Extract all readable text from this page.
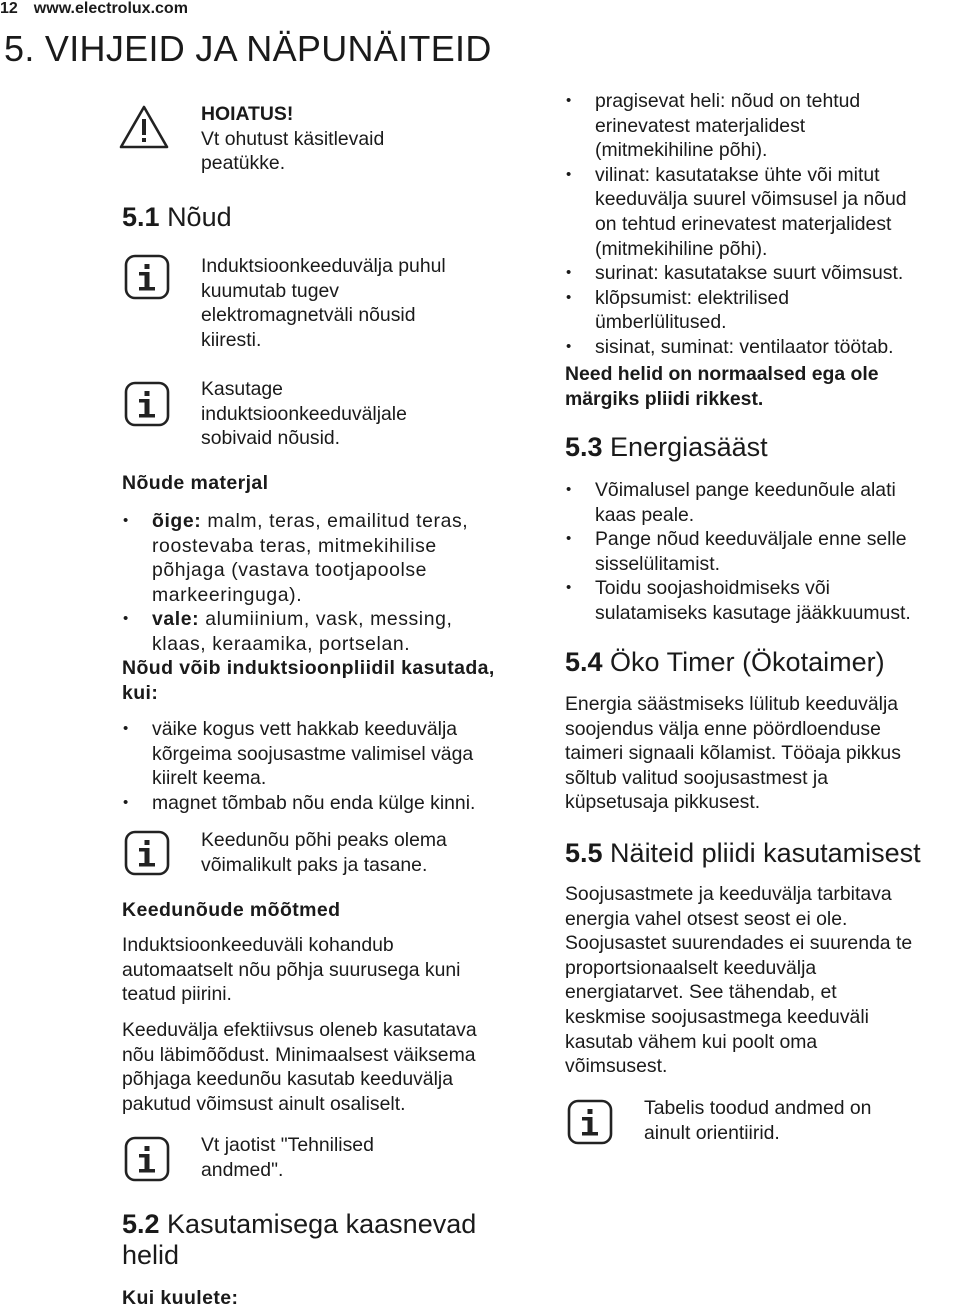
12 www.electrolux.com
5. VIHJEID JA NÄPUNÄITEID
HOIATUS!
Vt ohutust käsitlevaid
peatükke.
5.1 Nõud
Induktsioonkeeduvälja puhul
kuumutab tugev
elektromagnetväli nõusid
kiiresti.
Kasutage
induktsioonkeeduväljale
sobivaid nõusid.
Nõude materjal
• õige: malm, teras, emailitud teras,
roostevaba teras, mitmekihilise
põhjaga (vastava tootjapoolse
markeeringuga).
• vale: alumiinium, vask, messing,
klaas, keraamika, portselan.
Nõud võib induktsioonpliidil kasutada,
kui:
• väike kogus vett hakkab keeduvälja
kõrgeima soojusastme valimisel väga
kiirelt keema.
• magnet tõmbab nõu enda külge kinni.
Keedunõu põhi peaks olema
võimalikult paks ja tasane.
Keedunõude mõõtmed
Induktsioonkeeduväli kohandub
automaatselt nõu põhja suurusega kuni
teatud piirini.
Keeduvälja efektiivsus oleneb kasutatava
nõu läbimõõdust. Minimaalsest väiksema
põhjaga keedunõu kasutab keeduvälja
pakutud võimsust ainult osaliselt.
Vt jaotist "Tehnilised
andmed".
5.2 Kasutamisega kaasnevad
helid
Kui kuulete:
• pragisevat heli: nõud on tehtud
erinevatest materjalidest
(mitmekihiline põhi).
• vilinat: kasutatakse ühte või mitut
keeduvälja suurel võimsusel ja nõud
on tehtud erinevatest materjalidest
(mitmekihiline põhi).
• surinat: kasutatakse suurt võimsust.
• klõpsumist: elektrilised
ümberlülitused.
• sisinat, suminat: ventilaator töötab.
Need helid on normaalsed ega ole
märgiks pliidi rikkest.
5.3 Energiasääst
• Võimalusel pange keedunõule alati
kaas peale.
• Pange nõud keeduväljale enne selle
sisselülitamist.
• Toidu soojashoidmiseks või
sulatamiseks kasutage jääkkuumust.
5.4 Öko Timer (Ökotaimer)
Energia säästmiseks lülitub keeduvälja
soojendus välja enne pöördloenduse
taimeri signaali kõlamist. Tööaja pikkus
sõltub valitud soojusastmest ja
küpsetusaja pikkusest.
5.5 Näiteid pliidi kasutamisest
Soojusastmete ja keeduvälja tarbitava
energia vahel otsest seost ei ole.
Soojusastet suurendades ei suurenda te
proportsionaalselt keeduvälja
energiatarvet. See tähendab, et
keskmise soojusastmega keeduväli
kasutab vähem kui poolt oma
võimsusest.
Tabelis toodud andmed on
ainult orientiirid.
